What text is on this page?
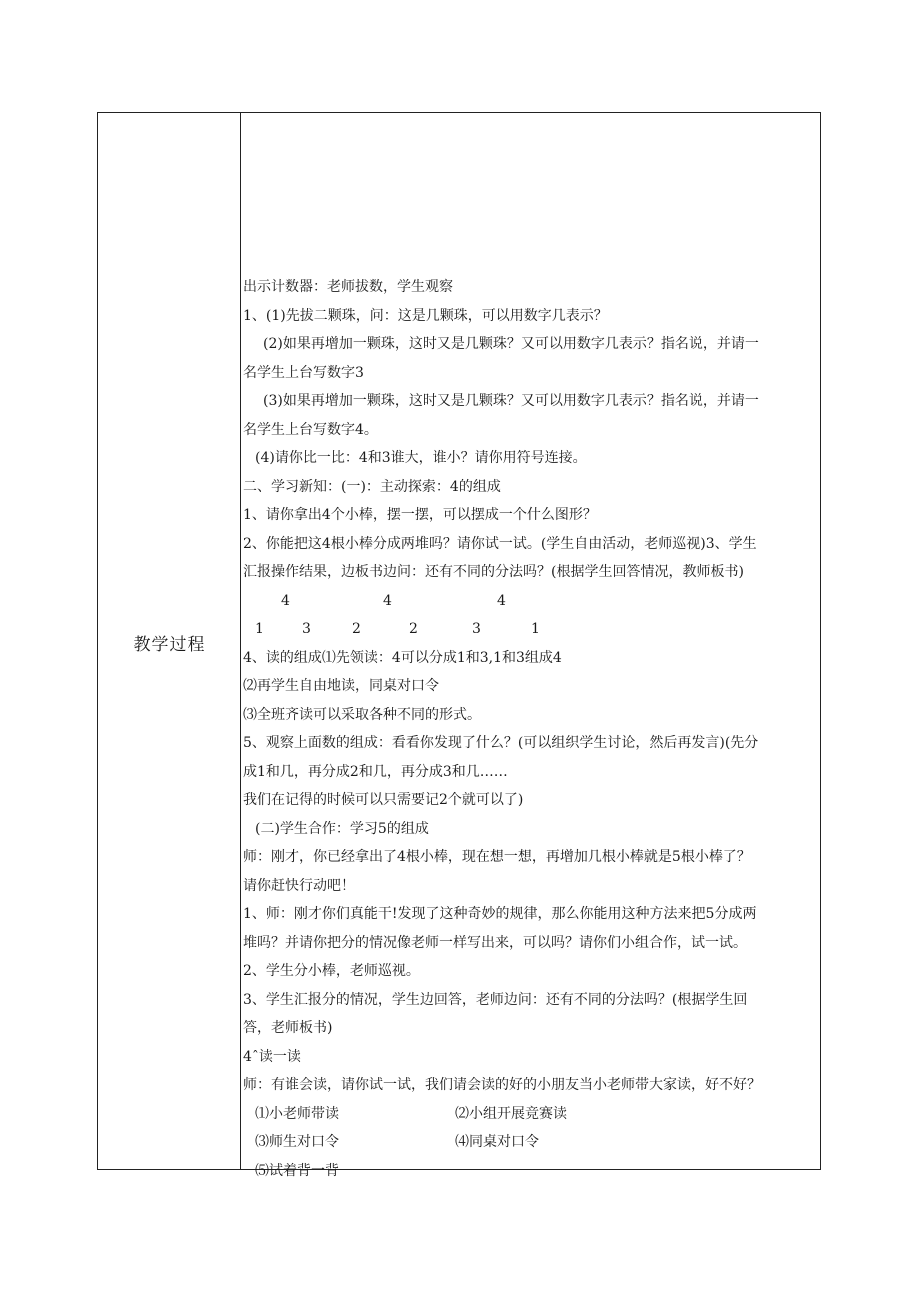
教学过程
出示计数器：老师拔数，学生观察
1、(1)先拔二颗珠，问：这是几颗珠，可以用数字几表示？
(2)如果再增加一颗珠，这时又是几颗珠？又可以用数字几表示？指名说，并请一
名学生上台写数字3
(3)如果再增加一颗珠，这时又是几颗珠？又可以用数字几表示？指名说，并请一
名学生上台写数字4。
(4)请你比一比：4和3谁大，谁小？请你用符号连接。
二、学习新知：(一)：主动探索：4的组成
1、请你拿出4个小棒，摆一摆，可以摆成一个什么图形？
2、你能把这4根小棒分成两堆吗？请你试一试。(学生自由活动，老师巡视)3、学生
汇报操作结果，边板书边问：还有不同的分法吗？(根据学生回答情况，教师板书)
4	4	4
1	3	2	2	3	1
4、读的组成⑴先领读：4可以分成1和3,1和3组成4
⑵再学生自由地读，同桌对口令
⑶全班齐读可以采取各种不同的形式。
5、观察上面数的组成：看看你发现了什么？(可以组织学生讨论，然后再发言)(先分
成1和几，再分成2和几，再分成3和几……
我们在记得的时候可以只需要记2个就可以了)
(二)学生合作：学习5的组成
师：刚才，你已经拿出了4根小棒，现在想一想，再增加几根小棒就是5根小棒了？
请你赶快行动吧！
1、师：刚才你们真能干!发现了这种奇妙的规律，那么你能用这种方法来把5分成两
堆吗？并请你把分的情况像老师一样写出来，可以吗？请你们小组合作，试一试。
2、学生分小棒，老师巡视。
3、学生汇报分的情况，学生边回答，老师边问：还有不同的分法吗？(根据学生回
答，老师板书)
4ˆ读一读
师：有谁会读，请你试一试，我们请会读的好的小朋友当小老师带大家读，好不好？
⑴小老师带读	⑵小组开展竞赛读
⑶师生对口令	⑷同桌对口令
⑸试着背一背
